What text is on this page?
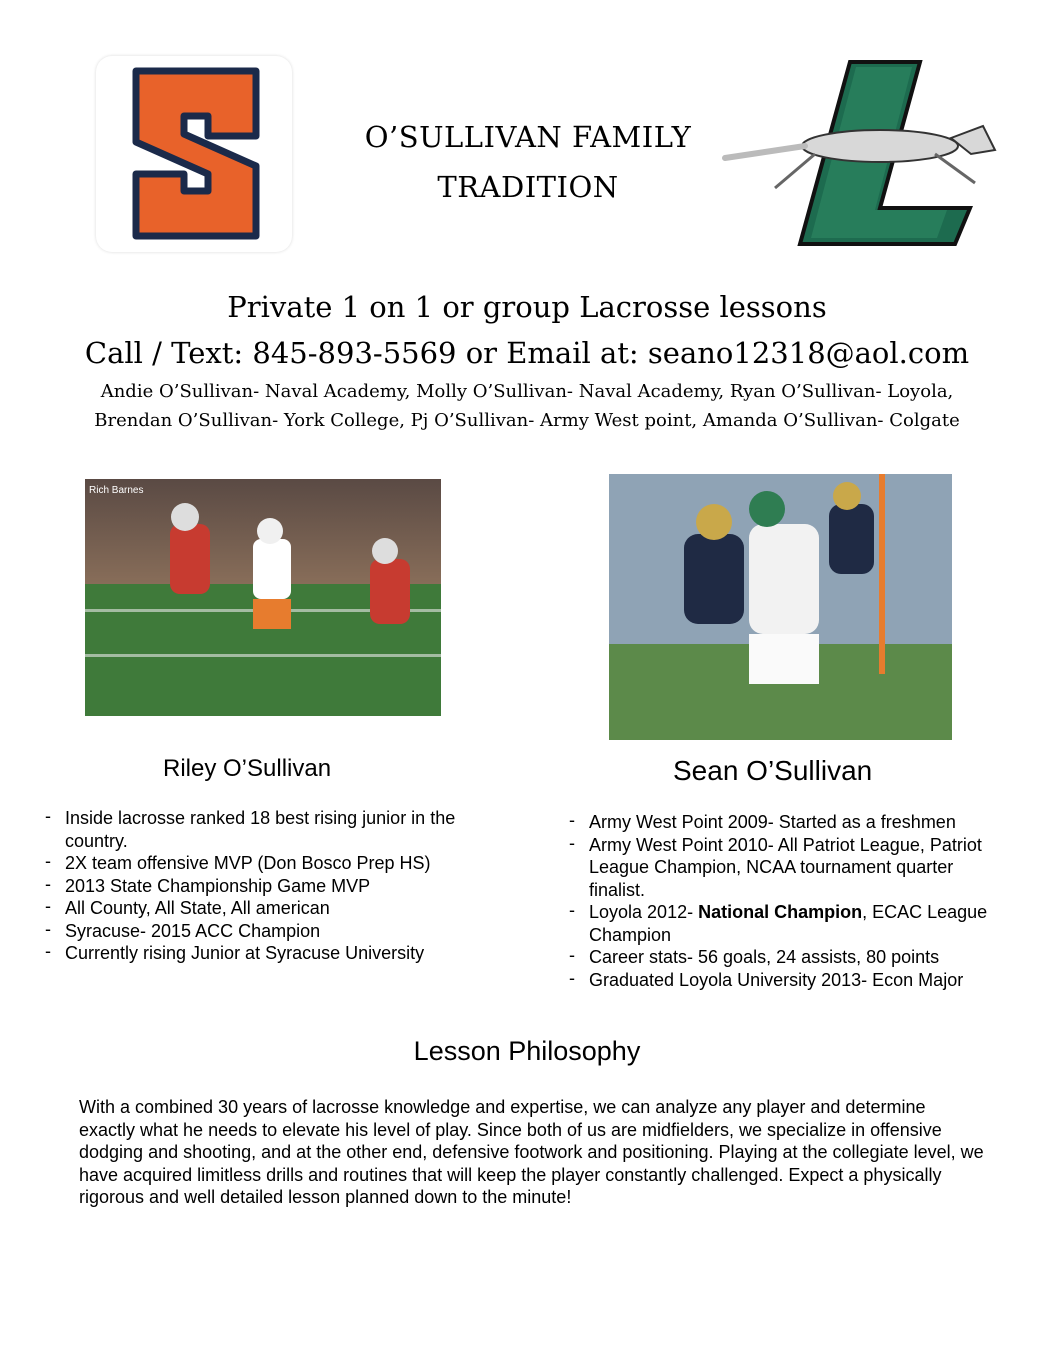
O’SULLIVAN FAMILY
TRADITION
Private 1 on 1 or group Lacrosse lessons
Call / Text: 845-893-5569 or Email at: seano12318@aol.com
Andie O’Sullivan- Naval Academy, Molly O’Sullivan- Naval Academy, Ryan O’Sullivan- Loyola,
Brendan O’Sullivan- York College, Pj O’Sullivan- Army West point, Amanda O’Sullivan- Colgate
Rich Barnes
Riley O’Sullivan	Sean O’Sullivan
- Inside lacrosse ranked 18 best rising junior in the country.
- 2X team offensive MVP (Don Bosco Prep HS)
- 2013 State Championship Game MVP
- All County, All State, All american
- Syracuse- 2015 ACC Champion
- Currently rising Junior at Syracuse University
- Army West Point 2009- Started as a freshmen
- Army West Point 2010- All Patriot League, Patriot League Champion, NCAA tournament quarter finalist.
- Loyola 2012- National Champion, ECAC League Champion
- Career stats- 56 goals, 24 assists, 80 points
- Graduated Loyola University 2013- Econ Major
Lesson Philosophy
With a combined 30 years of lacrosse knowledge and expertise, we can analyze any player and determine exactly what he needs to elevate his level of play. Since both of us are midfielders, we specialize in offensive dodging and shooting, and at the other end, defensive footwork and positioning. Playing at the collegiate level, we have acquired limitless drills and routines that will keep the player constantly challenged. Expect a physically rigorous and well detailed lesson planned down to the minute!
